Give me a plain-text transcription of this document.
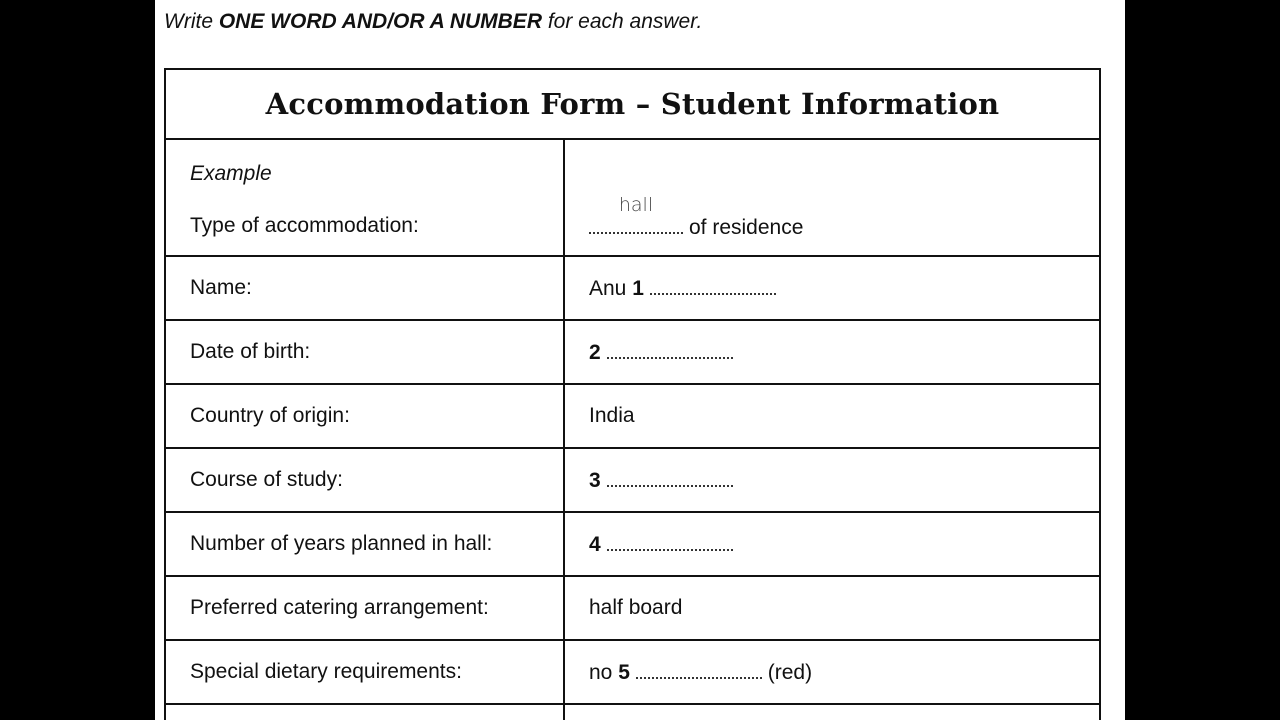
Write ONE WORD AND/OR A NUMBER for each answer.
Accommodation Form – Student Information	

Example
Type of accommodation:	hall
of residence

Name:	Anu 1
Date of birth:	2
Country of origin:	India
Course of study:	3
Number of years planned in hall:	4
Preferred catering arrangement:	half board
Special dietary requirements:	no 5 (red)
